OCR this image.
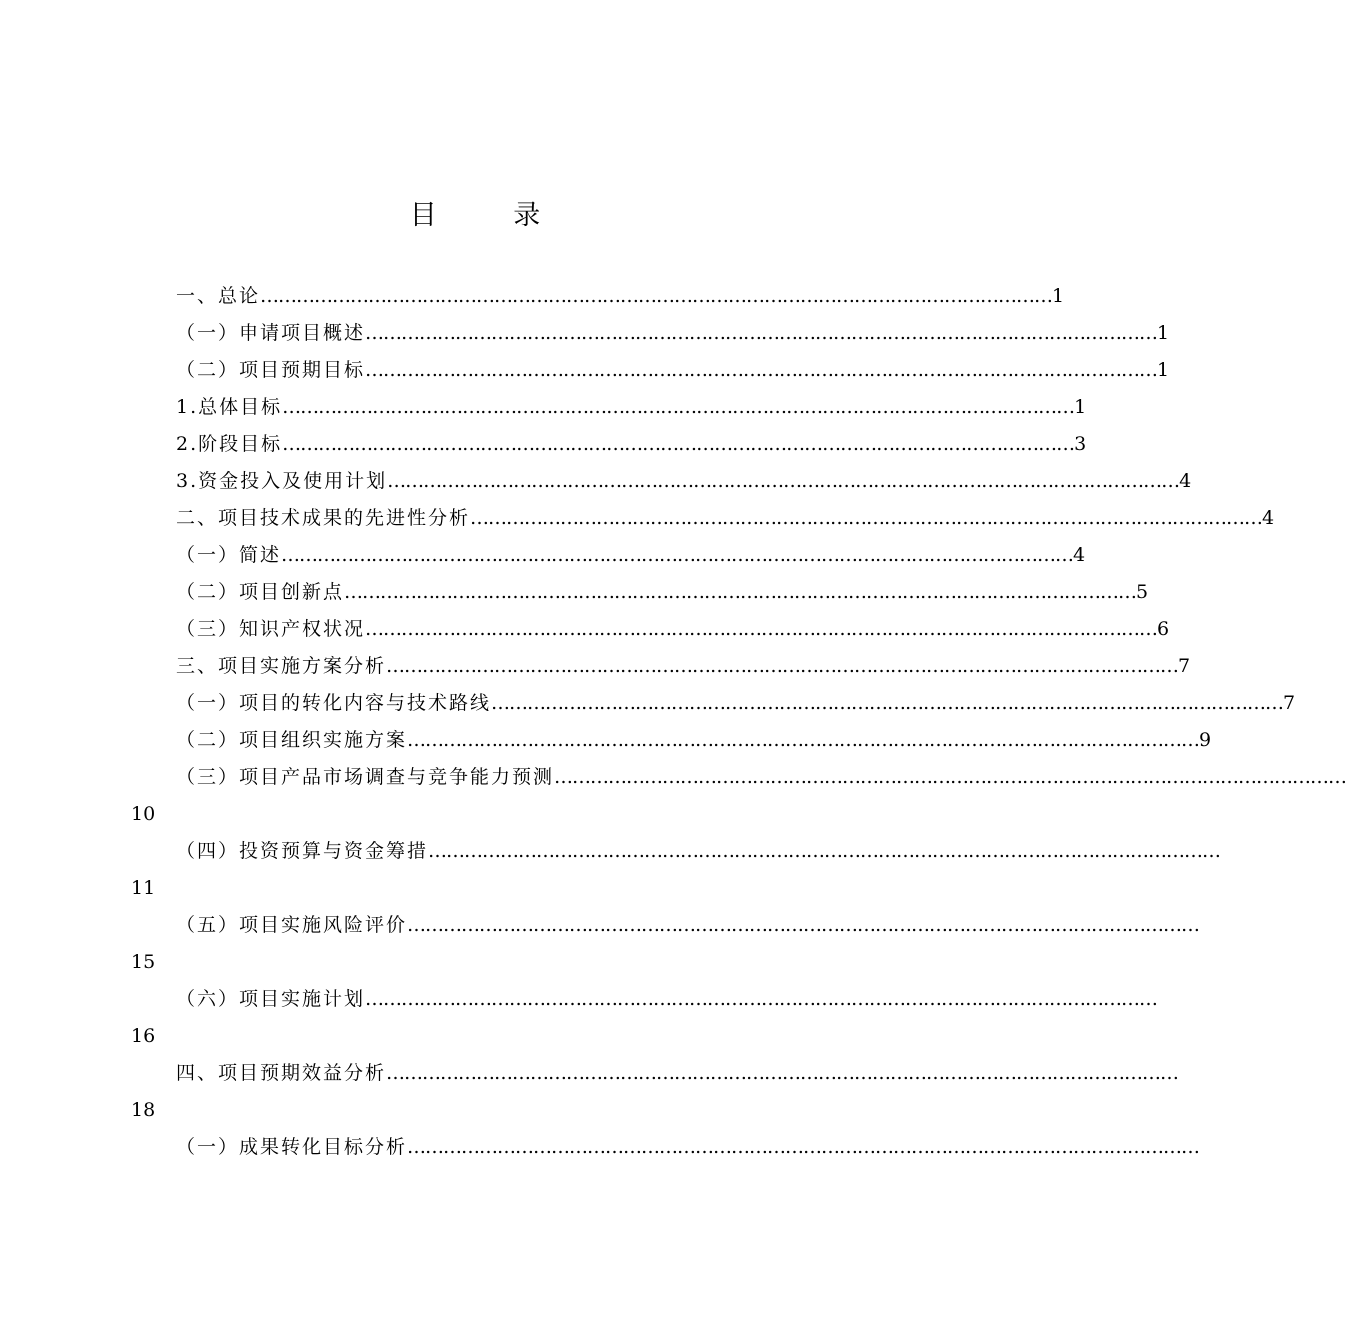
目 录
一、总论 …………………………………………………………………………………………………………………… 1
（一）申请项目概述 …………………………………………………………………………………………………………………… 1
（二）项目预期目标 …………………………………………………………………………………………………………………… 1
1.总体目标 …………………………………………………………………………………………………………………… 1
2.阶段目标 …………………………………………………………………………………………………………………… 3
3.资金投入及使用计划 …………………………………………………………………………………………………………………… 4
二、项目技术成果的先进性分析 …………………………………………………………………………………………………………………… 4
（一）简述 …………………………………………………………………………………………………………………… 4
（二）项目创新点 …………………………………………………………………………………………………………………… 5
（三）知识产权状况 …………………………………………………………………………………………………………………… 6
三、项目实施方案分析 …………………………………………………………………………………………………………………… 7
（一）项目的转化内容与技术路线 …………………………………………………………………………………………………………………… 7
（二）项目组织实施方案 …………………………………………………………………………………………………………………… 9
（三）项目产品市场调查与竞争能力预测 ……………………………………………………………………………………………………………………
10
（四）投资预算与资金筹措 ……………………………………………………………………………………………………………………
11
（五）项目实施风险评价 ……………………………………………………………………………………………………………………
15
（六）项目实施计划 ……………………………………………………………………………………………………………………
16
四、项目预期效益分析 ……………………………………………………………………………………………………………………
18
（一）成果转化目标分析 ……………………………………………………………………………………………………………………
